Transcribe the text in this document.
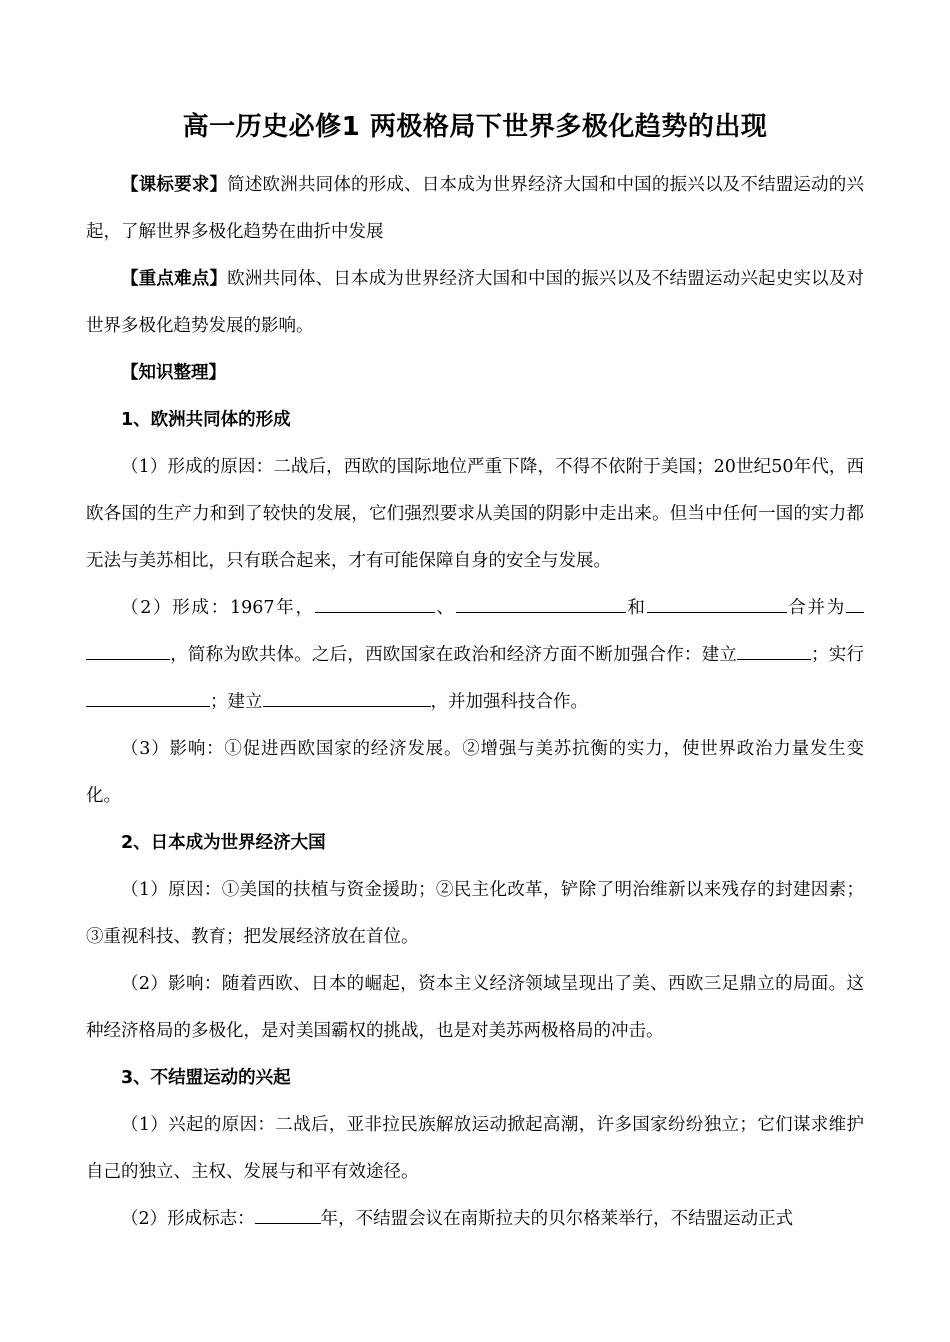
高一历史必修1 两极格局下世界多极化趋势的出现

【课标要求】简述欧洲共同体的形成、日本成为世界经济大国和中国的振兴以及不结盟运动的兴起，了解世界多极化趋势在曲折中发展

【重点难点】欧洲共同体、日本成为世界经济大国和中国的振兴以及不结盟运动兴起史实以及对世界多极化趋势发展的影响。

【知识整理】

1、欧洲共同体的形成

（1）形成的原因：二战后，西欧的国际地位严重下降，不得不依附于美国；20世纪50年代，西欧各国的生产力和到了较快的发展，它们强烈要求从美国的阴影中走出来。但当中任何一国的实力都无法与美苏相比，只有联合起来，才有可能保障自身的安全与发展。

（2）形成：1967年，	、	和	合并为，简称为欧共体。之后，西欧国家在政治和经济方面不断加强合作：建立	；实行；建立	，并加强科技合作。

（3）影响：①促进西欧国家的经济发展。②增强与美苏抗衡的实力，使世界政治力量发生变化。

2、日本成为世界经济大国

（1）原因：①美国的扶植与资金援助；②民主化改革，铲除了明治维新以来残存的封建因素；③重视科技、教育；把发展经济放在首位。

（2）影响：随着西欧、日本的崛起，资本主义经济领域呈现出了美、西欧三足鼎立的局面。这种经济格局的多极化，是对美国霸权的挑战，也是对美苏两极格局的冲击。

3、不结盟运动的兴起

（1）兴起的原因：二战后，亚非拉民族解放运动掀起高潮，许多国家纷纷独立；它们谋求维护自己的独立、主权、发展与和平有效途径。

（2）形成标志：	年，不结盟会议在南斯拉夫的贝尔格莱举行，不结盟运动正式
